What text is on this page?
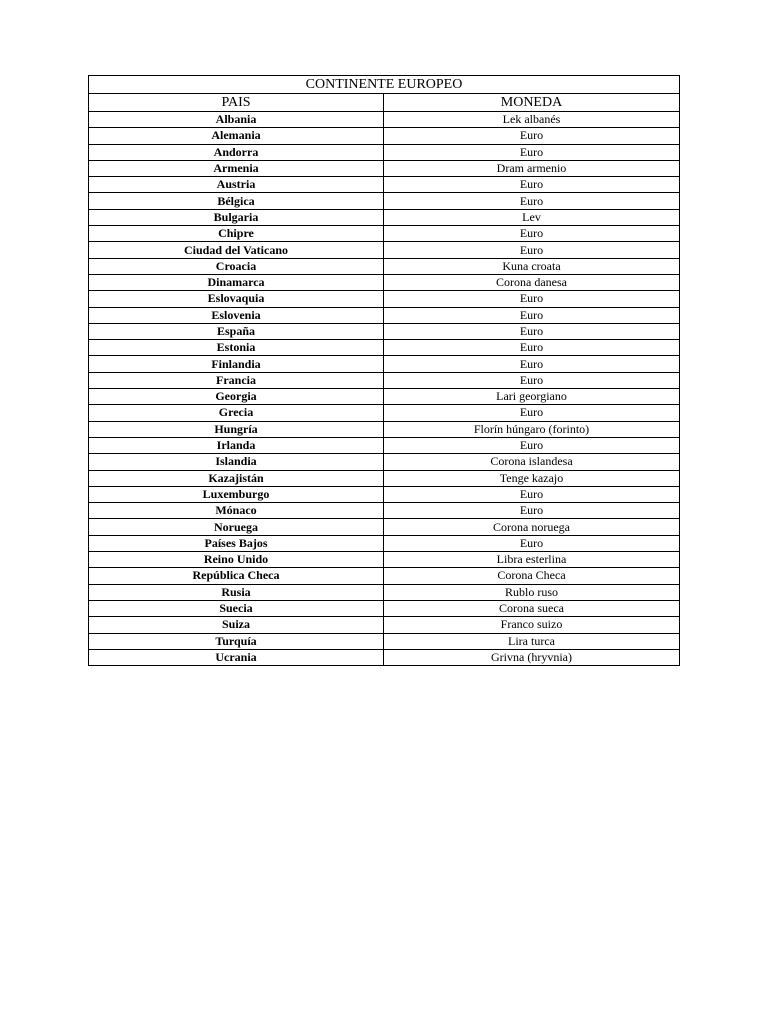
CONTINENTE EUROPEO	
PAIS	MONEDA
Albania	Lek albanés
Alemania	Euro
Andorra	Euro
Armenia	Dram armenio
Austria	Euro
Bélgica	Euro
Bulgaria	Lev
Chipre	Euro
Ciudad del Vaticano	Euro
Croacia	Kuna croata
Dinamarca	Corona danesa
Eslovaquia	Euro
Eslovenia	Euro
España	Euro
Estonia	Euro
Finlandia	Euro
Francia	Euro
Georgia	Lari georgiano
Grecia	Euro
Hungría	Florín húngaro (forinto)
Irlanda	Euro
Islandia	Corona islandesa
Kazajistán	Tenge kazajo
Luxemburgo	Euro
Mónaco	Euro
Noruega	Corona noruega
Países Bajos	Euro
Reino Unido	Libra esterlina
República Checa	Corona Checa
Rusia	Rublo ruso
Suecia	Corona sueca
Suiza	Franco suizo
Turquía	Lira turca
Ucrania	Grivna (hryvnia)
